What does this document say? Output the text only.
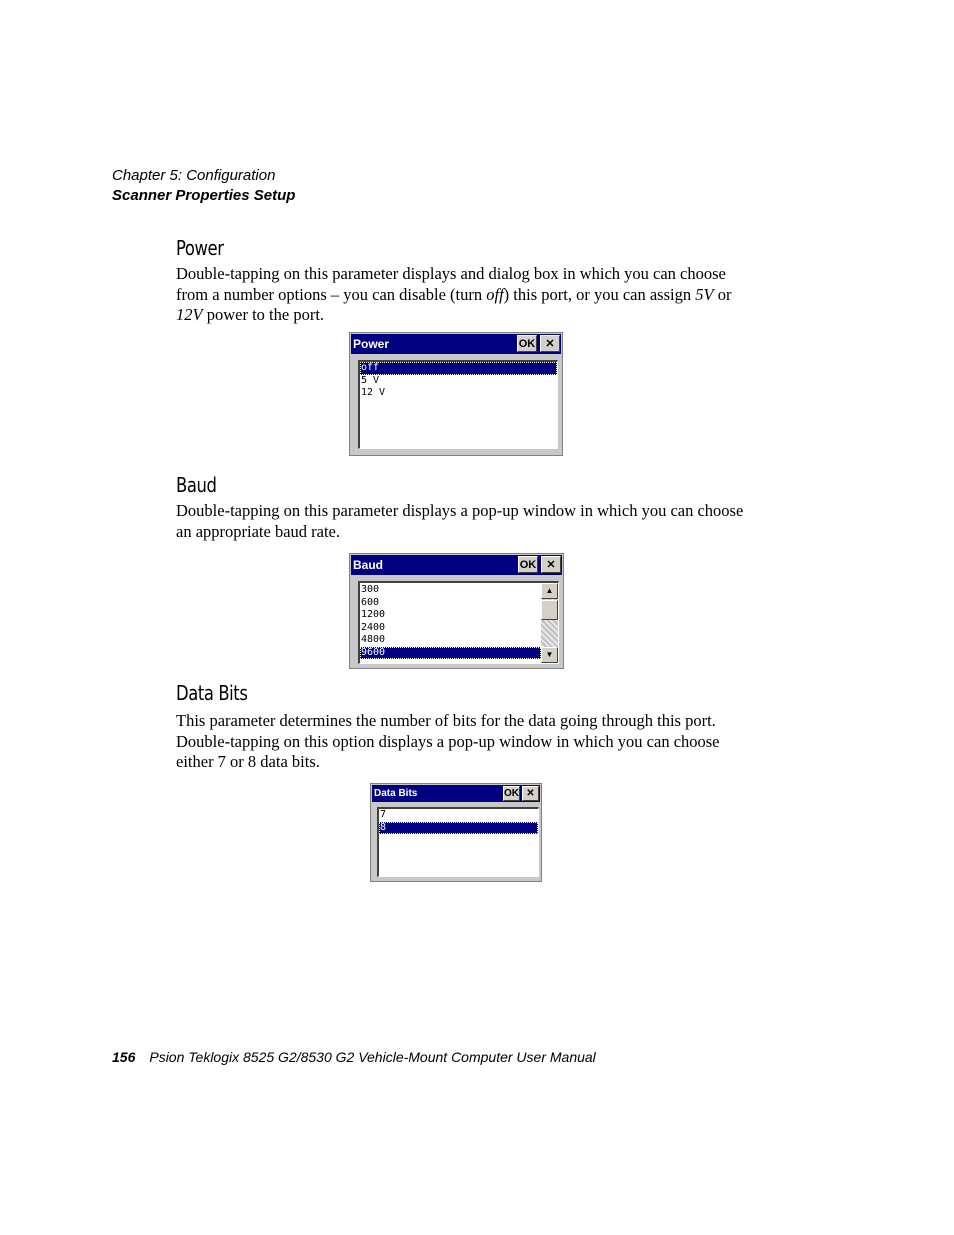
Chapter 5: Configuration
Scanner Properties Setup
Power
Double-tapping on this parameter displays and dialog box in which you can choose from a number options – you can disable (turn off) this port, or you can assign 5V or 12V power to the port.
Power	OK ✕
off
5 V
12 V
Baud
Double-tapping on this parameter displays a pop-up window in which you can choose an appropriate baud rate.
Baud	OK ✕
300
600
1200
2400
4800
9600
▲
▼
Data Bits
This parameter determines the number of bits for the data going through this port. Double-tapping on this option displays a pop-up window in which you can choose either 7 or 8 data bits.
Data Bits	OK ✕
7
8
156 Psion Teklogix 8525 G2/8530 G2 Vehicle-Mount Computer User Manual
